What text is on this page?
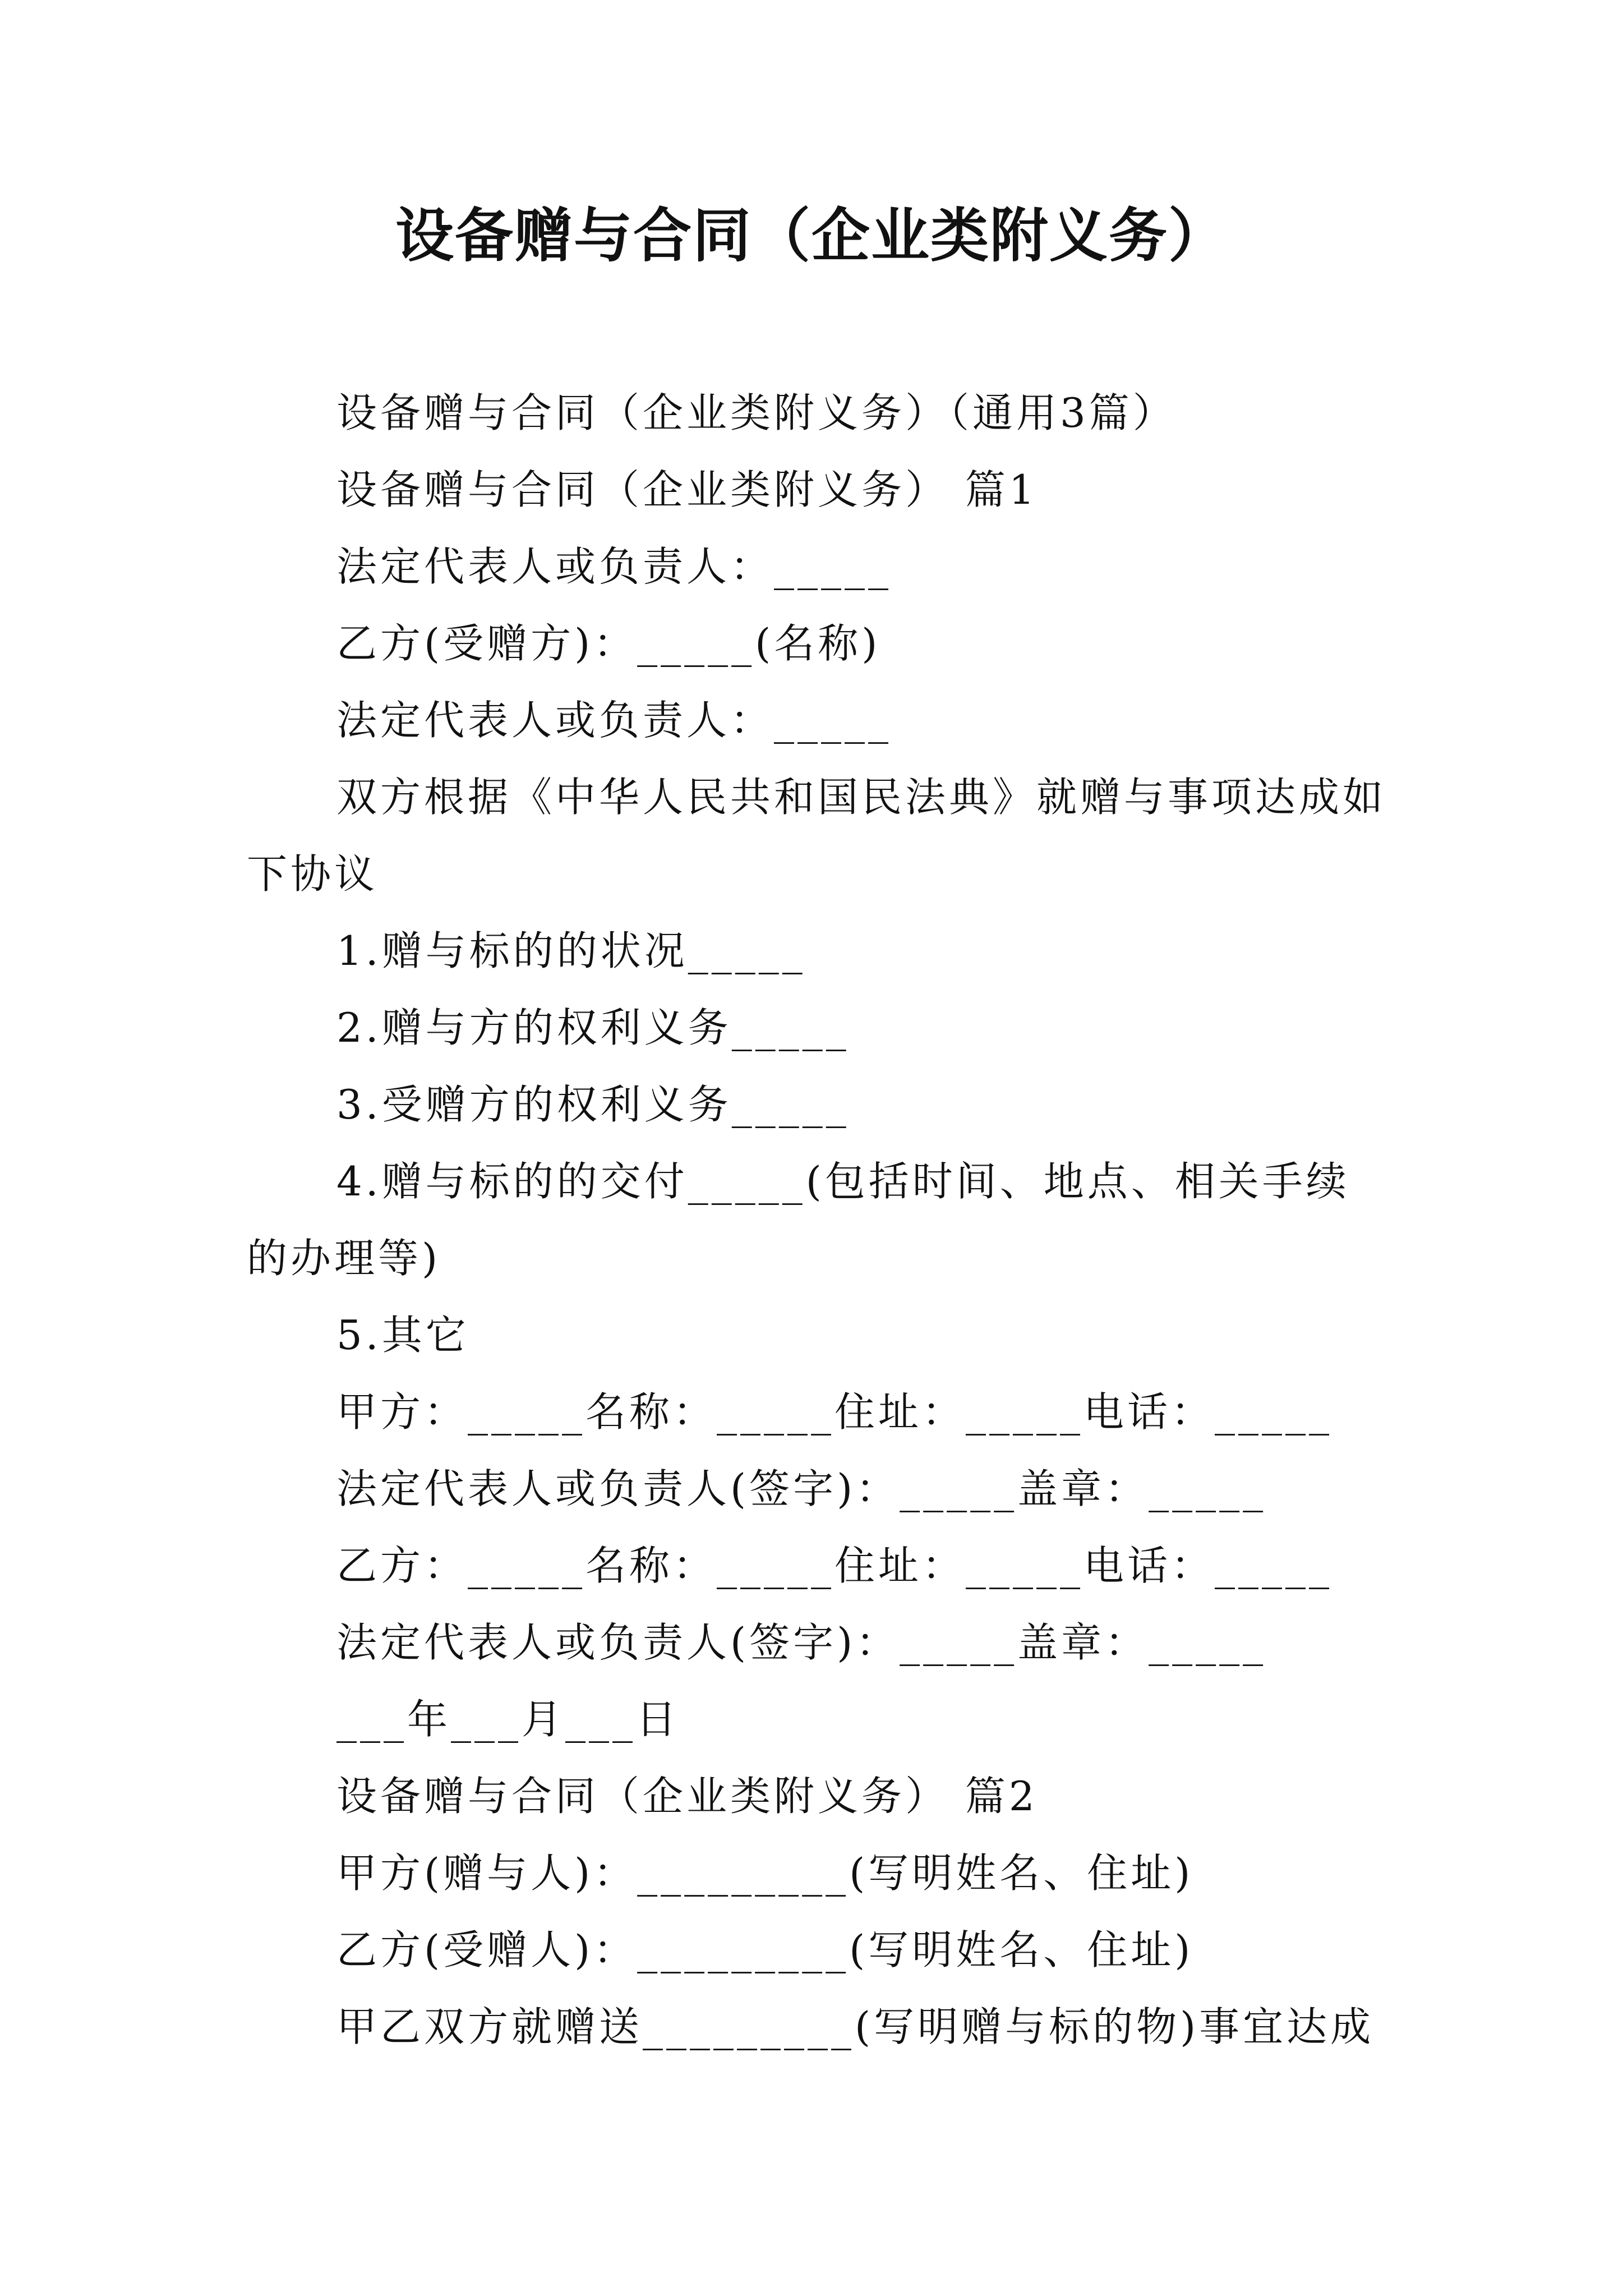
设备赠与合同（企业类附义务）

设备赠与合同（企业类附义务）（通用3篇）

设备赠与合同（企业类附义务） 篇1

法定代表人或负责人：_____

乙方(受赠方)：_____(名称)

法定代表人或负责人：_____

双方根据《中华人民共和国民法典》就赠与事项达成如下协议

1.赠与标的的状况_____

2.赠与方的权利义务_____

3.受赠方的权利义务_____

4.赠与标的的交付_____(包括时间、地点、相关手续的办理等)

5.其它

甲方：_____名称：_____住址：_____电话：_____

法定代表人或负责人(签字)：_____盖章：_____

乙方：_____名称：_____住址：_____电话：_____

法定代表人或负责人(签字)：_____盖章：_____

___年___月___日

设备赠与合同（企业类附义务） 篇2

甲方(赠与人)：_________(写明姓名、住址)

乙方(受赠人)：_________(写明姓名、住址)

甲乙双方就赠送_________(写明赠与标的物)事宜达成
